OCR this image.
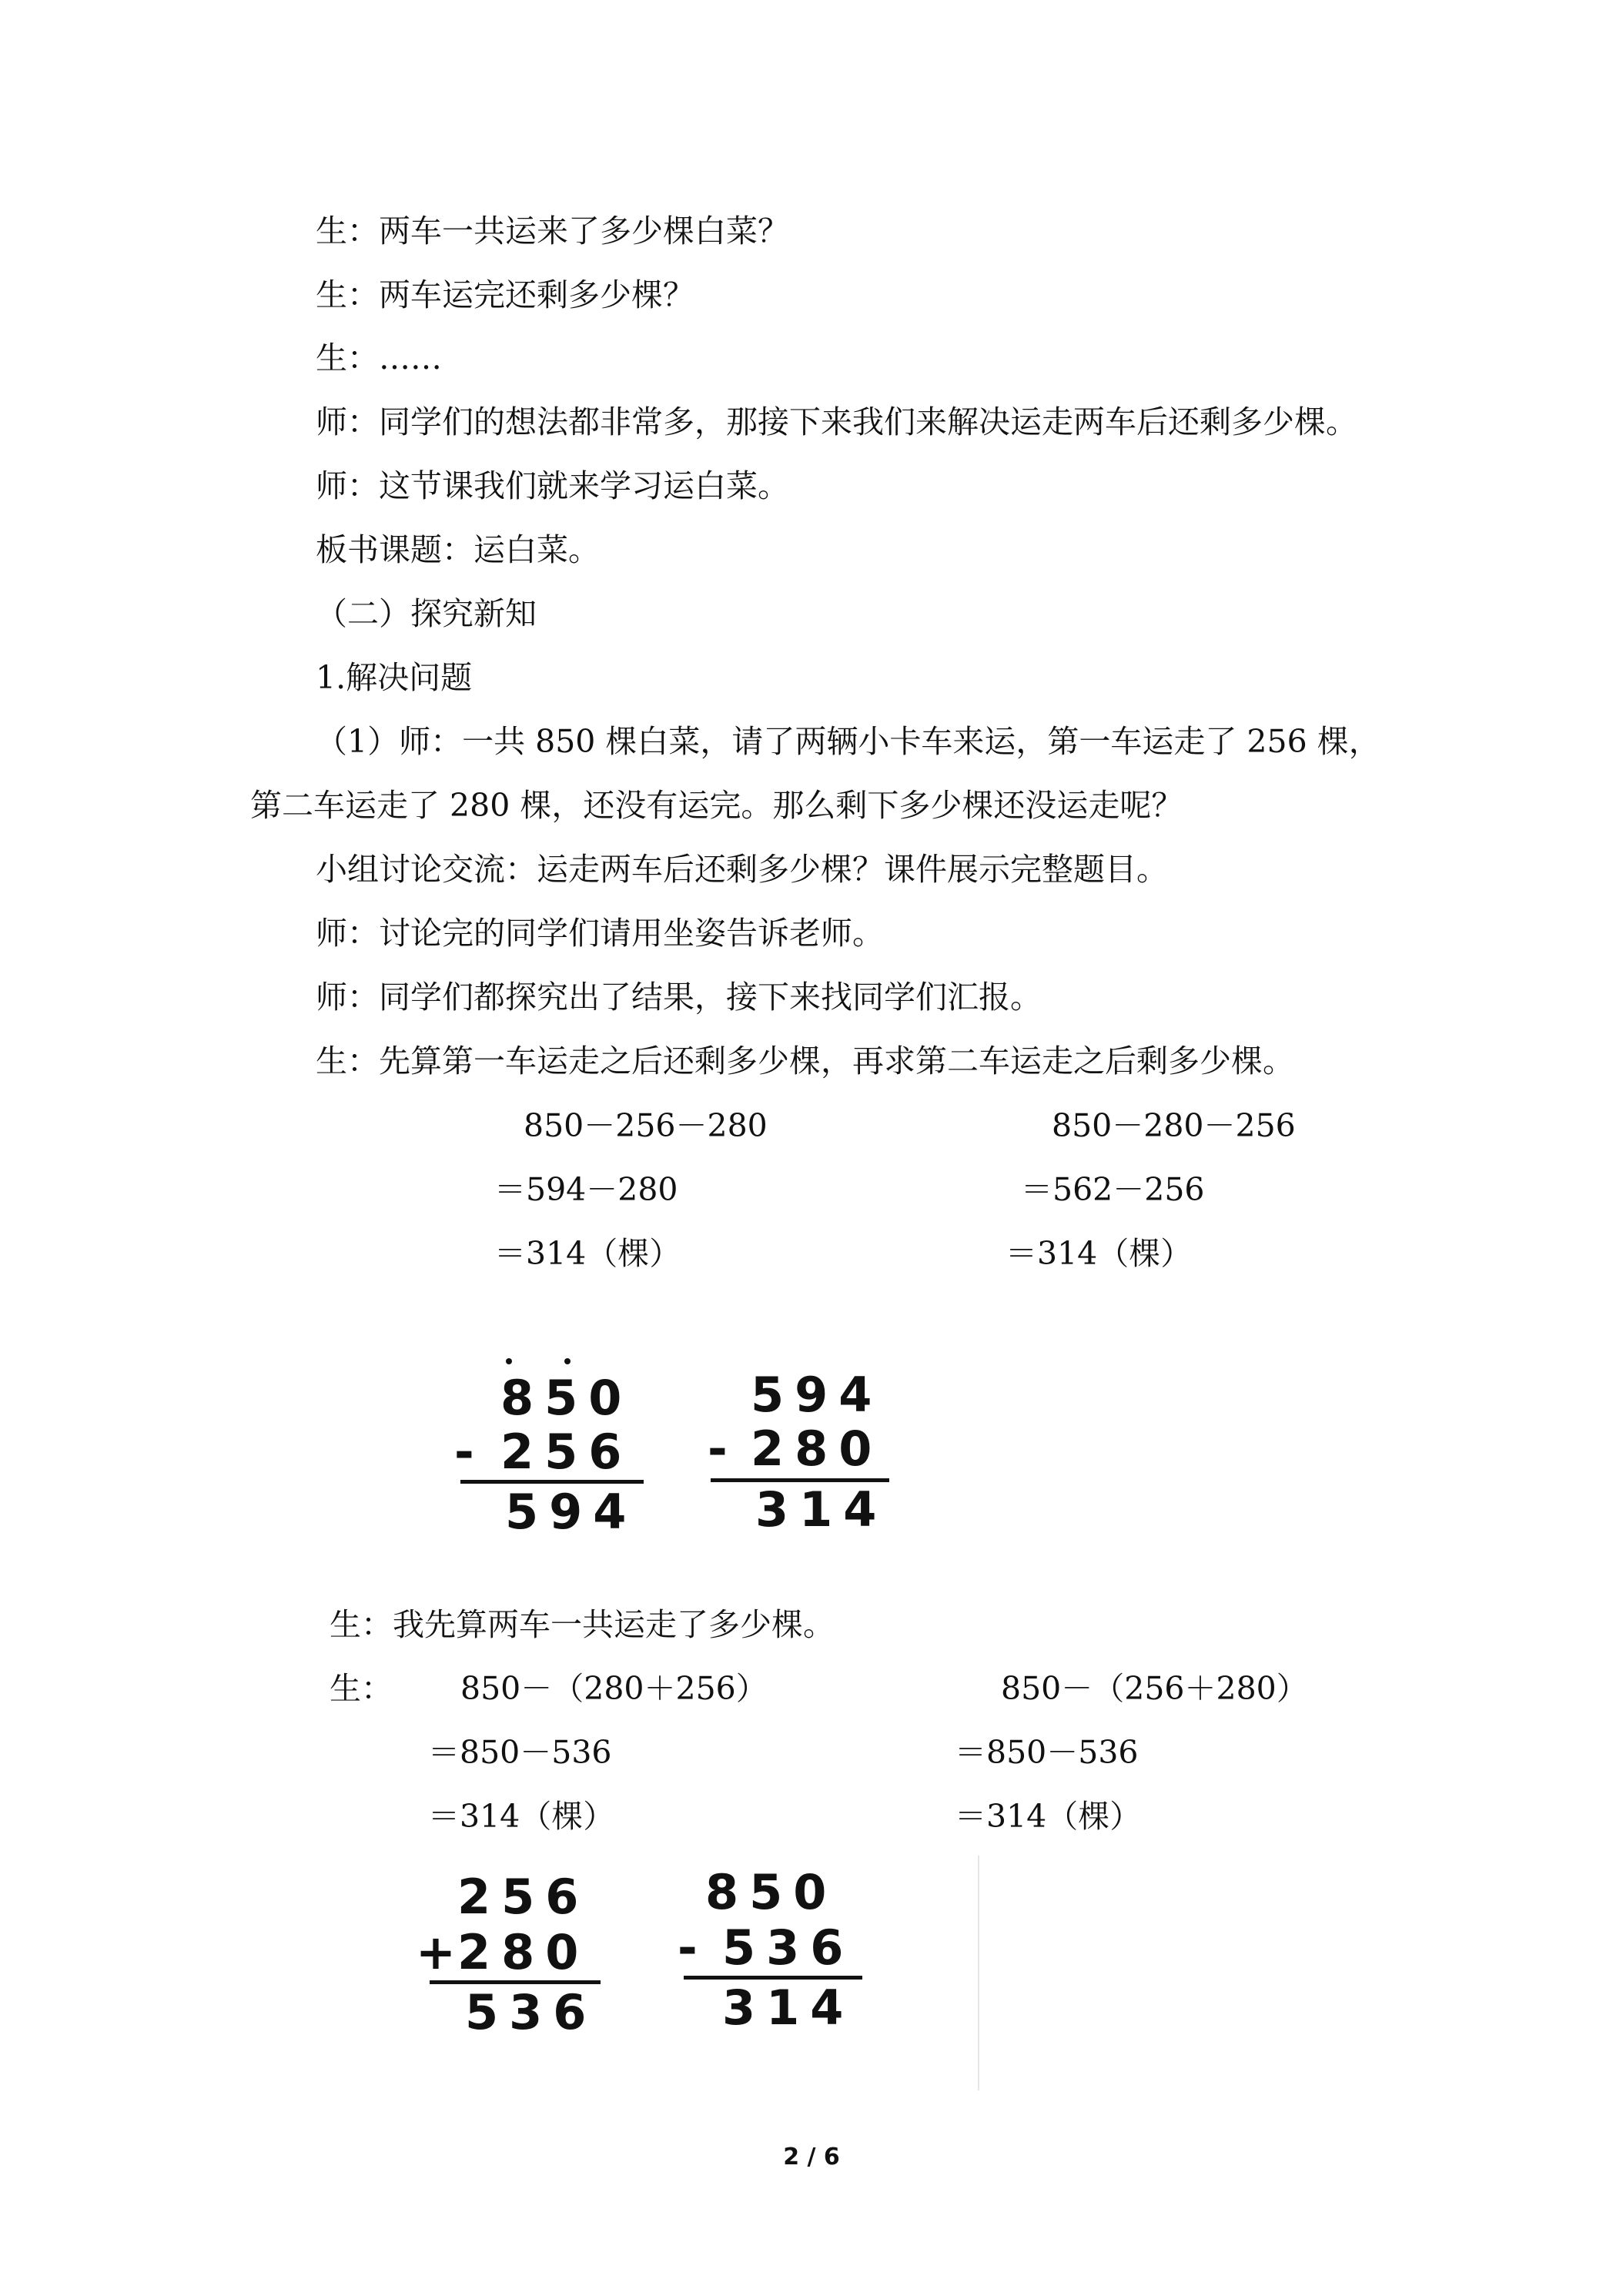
生：两车一共运来了多少棵白菜？
生：两车运完还剩多少棵？
生：……
师：同学们的想法都非常多，那接下来我们来解决运走两车后还剩多少棵。
师：这节课我们就来学习运白菜。
板书课题：运白菜。
（二）探究新知
1.解决问题
（1）师：一共 850 棵白菜，请了两辆小卡车来运，第一车运走了 256 棵，
第二车运走了 280 棵，还没有运完。那么剩下多少棵还没运走呢？
小组讨论交流：运走两车后还剩多少棵？课件展示完整题目。
师：讨论完的同学们请用坐姿告诉老师。
师：同学们都探究出了结果，接下来找同学们汇报。
生：先算第一车运走之后还剩多少棵，再求第二车运走之后剩多少棵。
850－256－280
＝594－280
＝314（棵）
850－280－256
＝562－256
＝314（棵）
850
- 256
594
594
- 280
314
生：我先算两车一共运走了多少棵。
生： 850－（280＋256）
＝850－536
＝314（棵）
850－（256＋280）
＝850－536
＝314（棵）
256
+
280
536
850
- 536
314
2 / 6
